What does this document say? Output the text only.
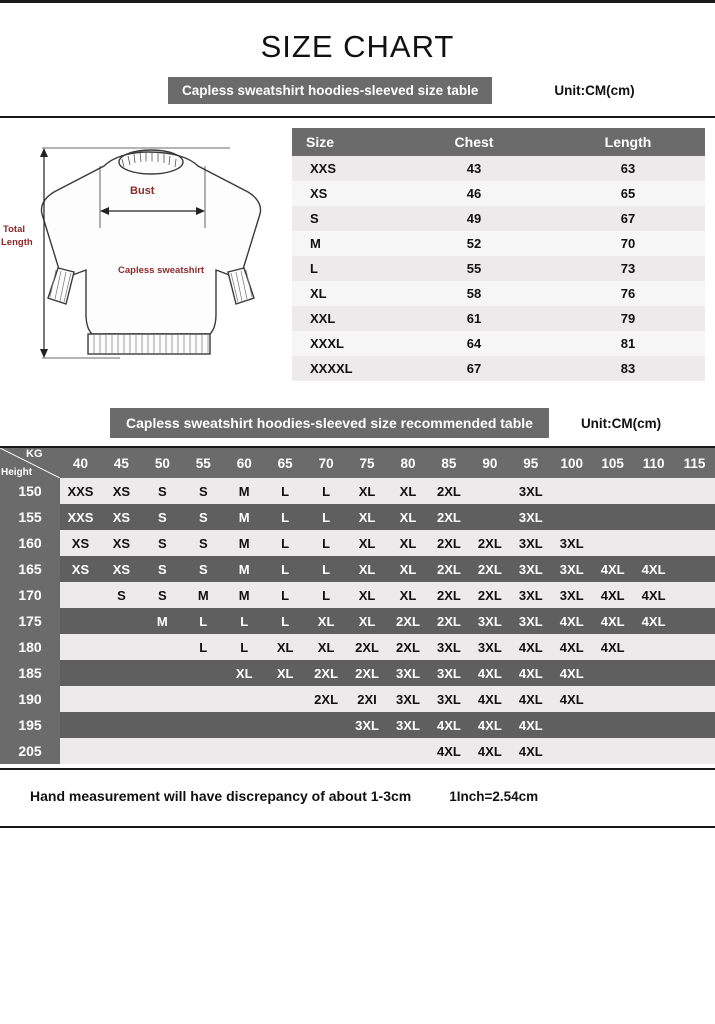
SIZE CHART
Capless sweatshirt hoodies-sleeved size table	Unit:CM(cm)
Bust
Total
Length
Capless sweatshirt
Size	Chest	Length
XXS	43	63
XS	46	65
S	49	67
M	52	70
L	55	73
XL	58	76
XXL	61	79
XXXL	64	81
XXXXL	67	83
Capless sweatshirt hoodies-sleeved size recommended table	Unit:CM(cm)
KG
Height	40	45	50	55	60	65	70	75	80	85	90	95	100	105	110	115
150	XXS	XS	S	S	M	L	L	XL	XL	2XL		3XL				
155	XXS	XS	S	S	M	L	L	XL	XL	2XL		3XL				
160	XS	XS	S	S	M	L	L	XL	XL	2XL	2XL	3XL	3XL			
165	XS	XS	S	S	M	L	L	XL	XL	2XL	2XL	3XL	3XL	4XL	4XL	
170		S	S	M	M	L	L	XL	XL	2XL	2XL	3XL	3XL	4XL	4XL	
175			M	L	L	L	XL	XL	2XL	2XL	3XL	3XL	4XL	4XL	4XL	
180				L	L	XL	XL	2XL	2XL	3XL	3XL	4XL	4XL	4XL		
185					XL	XL	2XL	2XL	3XL	3XL	4XL	4XL	4XL			
190							2XL	2XI	3XL	3XL	4XL	4XL	4XL			
195								3XL	3XL	4XL	4XL	4XL				
205										4XL	4XL	4XL				
Hand measurement will have discrepancy of about 1-3cm	1Inch=2.54cm
